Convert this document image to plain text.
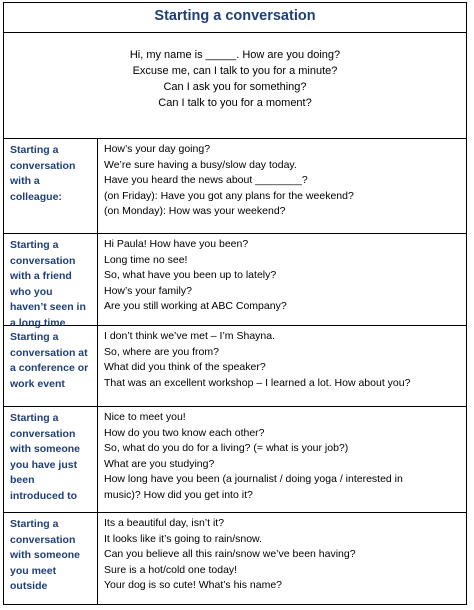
Starting a conversation
Hi, my name is _____. How are you doing?
Excuse me, can I talk to you for a minute?
Can I ask you for something?
Can I talk to you for a moment?
Starting a
conversation
with a
colleague:
How’s your day going?
We’re sure having a busy/slow day today.
Have you heard the news about ________?
(on Friday): Have you got any plans for the weekend?
(on Monday): How was your weekend?
Starting a
conversation
with a friend
who you
haven’t seen in
a long time
Hi Paula! How have you been?
Long time no see!
So, what have you been up to lately?
How’s your family?
Are you still working at ABC Company?
Starting a
conversation at
a conference or
work event
I don’t think we’ve met – I’m Shayna.
So, where are you from?
What did you think of the speaker?
That was an excellent workshop – I learned a lot. How about you?
Starting a
conversation
with someone
you have just
been
introduced to
Nice to meet you!
How do you two know each other?
So, what do you do for a living? (= what is your job?)
What are you studying?
How long have you been (a journalist / doing yoga / interested in
music)? How did you get into it?
Starting a
conversation
with someone
you meet
outside
Its a beautiful day, isn’t it?
It looks like it’s going to rain/snow.
Can you believe all this rain/snow we’ve been having?
Sure is a hot/cold one today!
Your dog is so cute! What’s his name?
